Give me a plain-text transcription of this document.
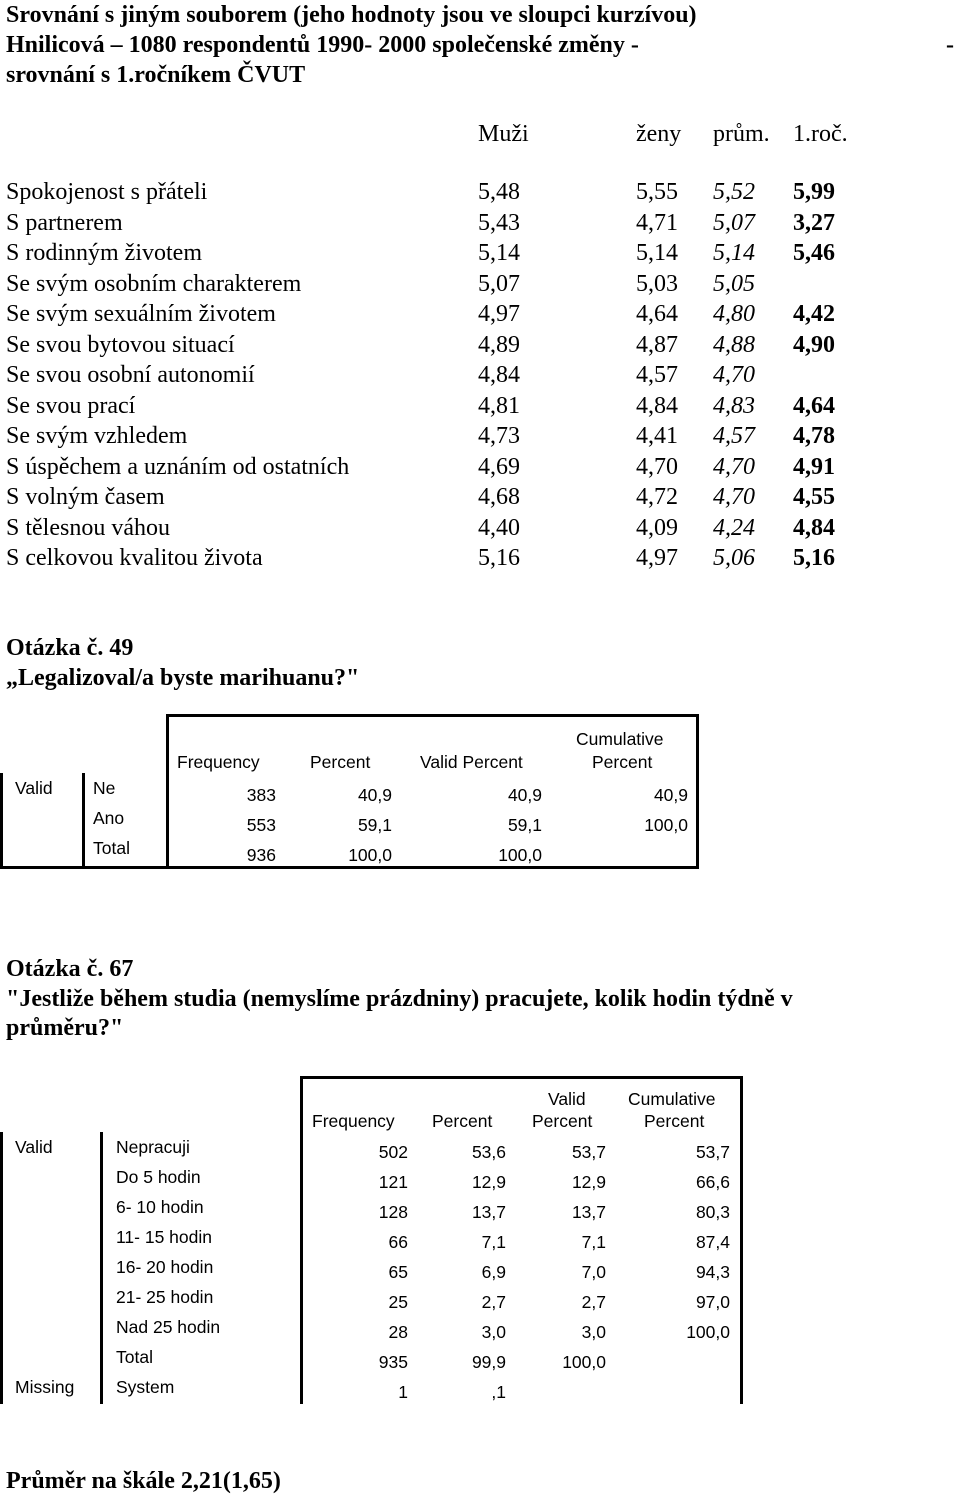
Srovnání s jiným souborem (jeho hodnoty jsou ve sloupci kurzívou)
Hnilicová – 1080 respondentů 1990- 2000 společenské změny -	-
srovnání s 1.ročníkem ČVUT
Muži	ženy prům. 1.roč.
Spokojenost s přáteli	5,48	5,55 5,52 5,99
S partnerem	5,43	4,71 5,07 3,27
S rodinným životem	5,14	5,14 5,14 5,46
Se svým osobním charakterem	5,07	5,03 5,05
Se svým sexuálním životem	4,97	4,64 4,80 4,42
Se svou bytovou situací	4,89	4,87 4,88 4,90
Se svou osobní autonomií	4,84	4,57 4,70
Se svou prací	4,81	4,84 4,83 4,64
Se svým vzhledem	4,73	4,41 4,57 4,78
S úspěchem a uznáním od ostatních	4,69	4,70 4,70 4,91
S volným časem	4,68	4,72 4,70 4,55
S tělesnou váhou	4,40	4,09 4,24 4,84
S celkovou kvalitou života	5,16	4,97 5,06 5,16
Otázka č. 49
„Legalizoval/a byste marihuanu?"
Frequency	Percent	Valid Percent
Cumulative
Percent
Valid Ne	383	40,9	40,9	40,9
Ano	553	59,1	59,1	100,0
Total	936	100,0	100,0
Otázka č. 67
"Jestliže během studia (nemyslíme prázdniny) pracujete, kolik hodin týdně v
průměru?"
Frequency Percent
Valid
Percent
Cumulative
Percent
Valid	Nepracuji	502	53,6	53,7	53,7
Do 5 hodin	121	12,9	12,9	66,6
6- 10 hodin	128	13,7	13,7	80,3
11- 15 hodin	66	7,1	7,1	87,4
16- 20 hodin	65	6,9	7,0	94,3
21- 25 hodin	25	2,7	2,7	97,0
Nad 25 hodin	28	3,0	3,0	100,0
Total	935	99,9	100,0
Missing System	1	,1
Průměr na škále 2,21(1,65)
